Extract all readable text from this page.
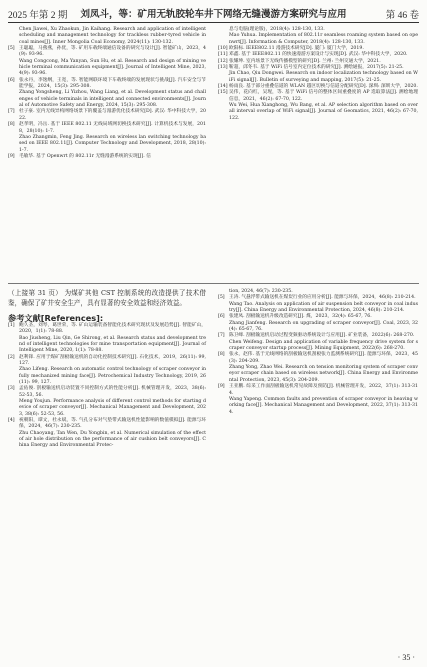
2025 年第 2 期	刘凤斗，等：矿用无轨胶轮车井下网络无缝漫游方案研究与应用	第 46 卷
Chen Jiawei, Xu Zhaokun, Jin Kaihang. Research and application of intelligent scheduling and management technology for trackless rubber-tyred vehicle in coal mines[J]. Inner Mongolia Coal Economy, 2024(11): 130-132.
[5] 王聪聪，马燕燕，孙优，等. 矿用车载终端通信设备的研究与设计[J]. 智能矿山，2023，4(9): 93-96.
Wang Congcong, Ma Yanyan, Sun Hu, et al. Research and design of mining vehicle terminal communication equipment[J]. Journal of Intelligent Mine, 2023, 4(9): 93-96.
[6] 张永丹，李逸纲，王宽，等. 智能网联环境下车载终端的发展现状与挑战[J]. 汽车安全与节能学报，2024，15(3): 295-308.
Zhang Yongsheng, Li Yizhou, Wang Liang, et al. Development status and challenges of vehicle terminals in intelligent and connected environments[J]. Journal of Automotive Safety and Energy, 2024, 15(3): 295-308.
[7] 杜子豪. 室内无线异构网络场景下的覆盖与漫游优化技术研究[D]. 武汉: 华中科技大学，2022.
[8] 赵孝明，冯岳. 基于 IEEE 802.11 无线局域网切换技术研究[J]. 计算机技术与发展，2018，28(10): 1-7.
Zhao Zhangmin, Feng Jing. Research on wireless lan switching technology based on IEEE 802.11[J]. Computer Technology and Development, 2018, 28(10): 1-7.
[9] 毛敏华. 基于 Openwrt 的 802.11r 无缝漫游系统的实现[J]. 信
息与电脑(理论版)，2018(4): 128-130, 133.
Mao Yuhua. Implementation of 802.11r seamless roaming system based on openwrt[J]. Information & Computer, 2018(4): 128-130, 133.
[10] 欧阳标. IEEE802.11 漫游技术研究[D]. 厦门: 厦门大学，2019.
[11] 邓鑫. 基于 IEEE802.11 的快速漫游方案设计与实现[D]. 武汉: 华中科技大学，2020.
[12] 张耀坤. 室内场景下无线传播模型的研究[D]. 兰州: 兰州交通大学，2021.
[13] 靳超，邱冬韦. 基于 WiFi 信号室内定位技术的研究[J]. 测绘通报，2017(5): 21-25.
Jin Chao, Qiu Dongwei. Research on indoor localization technology based on WiFi signal[J]. Bulletin of surveying and mapping, 2017(5): 21-25.
[14] 杨雨良. 基于部分重叠信道的 WLAN 越区切换与信道分配研究[D]. 深圳: 深圳大学，2020.
[15] 吴伟，花向红，吴瑆，等. 基于 WiFi 信号的整体区间重叠度的 AP 选取算法[J]. 测绘地理信息，2021，46(2): 67-70, 122.
Wu Wei, Hua Xianghong, Wu Bang, et al. AP selection algorithm based on overall interval overlap of WiFi signal[J]. Journal of Geomatics, 2021, 46(2): 67-70, 122.

（上接第 31 页） 为煤矿其他 CST 控制系统的改造提供了技术借鉴，确保了矿井安全生产，具有显著的安全效益和经济效益。

参考文献[References]:
[1] 鲍久圣，刘琴，葛世荣，等. 矿山运输装备智能化技术研究现状及发展趋势[J]. 智能矿山，2020，1(1): 78-88.
Bao Jiusheng, Liu Qin, Ge Shirong, et al. Research status and development trend of intelligent technologies for mine transportation equipment[J]. Journal of Intelligent Mine, 2020, 1(1): 78-88.
[2] 赵利锋. 应用于煤矿刮板输送机的自动化控制技术研究[J]. 石化技术，2019，26(11): 99, 127.
Zhao Lifeng. Research on automatic control technology of scraper conveyor in fully mechanized mining face[J]. Petrochemical Industry Technology, 2019, 26(11): 99, 127.
[3] 孟佑俊. 刮板输送机启动装置不同控制方式的性能分析[J]. 机械管理开发，2023，38(6): 52-53, 56.
Meng Youjun. Performance analysis of different control methods for starting device of scraper conveyor[J]. Mechanical Management and Development, 2023, 38(6): 52-53, 56.
[4] 祝朝阳，谭文，杜永斌，等. 气孔分布对气垫带式输送机性能影响的数值模拟[J]. 能源与环保，2024，46(7): 230-235.
Zhu Chaoyang, Tan Wen, Du Yongbin, et al. Numerical simulation of the effect of air hole distribution on the performance of air cushion belt conveyors[J]. China Energy and Environmental Protec-
tion, 2024, 46(7): 230-235.
[5] 王涛. 气悬浮带式输送机在煤炭行业的应用分析[J]. 能源与环保，2024，46(8): 210-214.
Wang Tao. Analysis on application of air suspension belt conveyor in coal industry[J]. China Energy and Environmental Protection, 2024, 46(8): 210-214.
[6] 张建凤. 刮板输送机升级改造研究[J]. 煤，2023，32(4): 65-67, 76.
Zhang Jianfeng. Research on upgrading of scraper conveyor[J]. Coal, 2023, 32(4): 65-67, 76.
[7] 陈卫峰. 刮板输送机启动过程变频驱动系统设计与应用[J]. 矿业装备，2022(6): 268-270.
Chen Weifeng. Design and application of variable frequency drive system for scraper conveyor startup process[J]. Mining Equipment, 2022(6): 268-270.
[8] 张永，赵伟. 基于无线网络的刮板输送机刮板张力监测系统研究[J]. 能源与环保，2023，45(3): 204-209.
Zhang Yong, Zhao Wei. Research on tension monitoring system of scraper conveyor scraper chain based on wireless network[J]. China Energy and Environmental Protection, 2023, 45(3): 204-209.
[9] 王亚鹏. 综采工作面刮板输送机常见故障及预防[J]. 机械管理开发，2022，37(1): 313-314.
Wang Yapeng. Common faults and prevention of scraper conveyor in heaving working face[J]. Mechanical Management and Development, 2022, 37(1): 313-314.
· 35 ·
